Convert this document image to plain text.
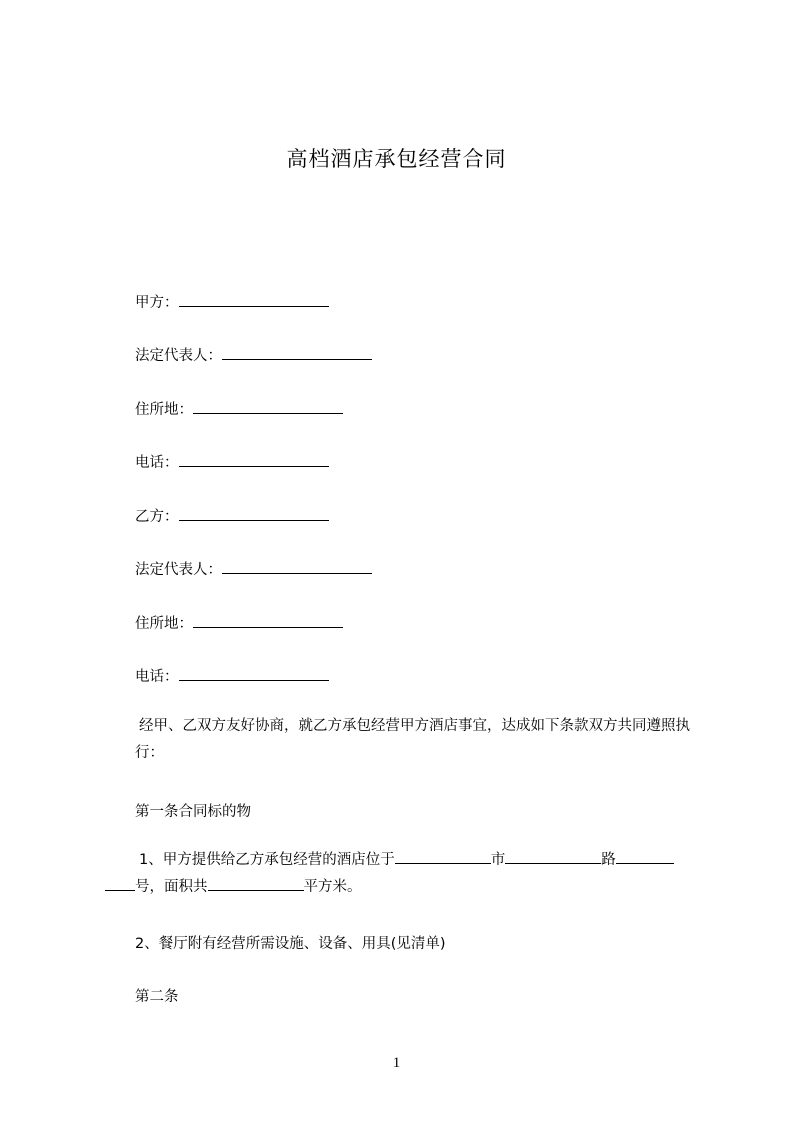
高档酒店承包经营合同
甲方：
法定代表人：
住所地：
电话：
乙方：
法定代表人：
住所地：
电话：
经甲、乙双方友好协商，就乙方承包经营甲方酒店事宜，达成如下条款双方共同遵照执行：
第一条合同标的物
1、甲方提供给乙方承包经营的酒店位于	市	路
号，面积共	平方米。
2、餐厅附有经营所需设施、设备、用具(见清单)
第二条
1
